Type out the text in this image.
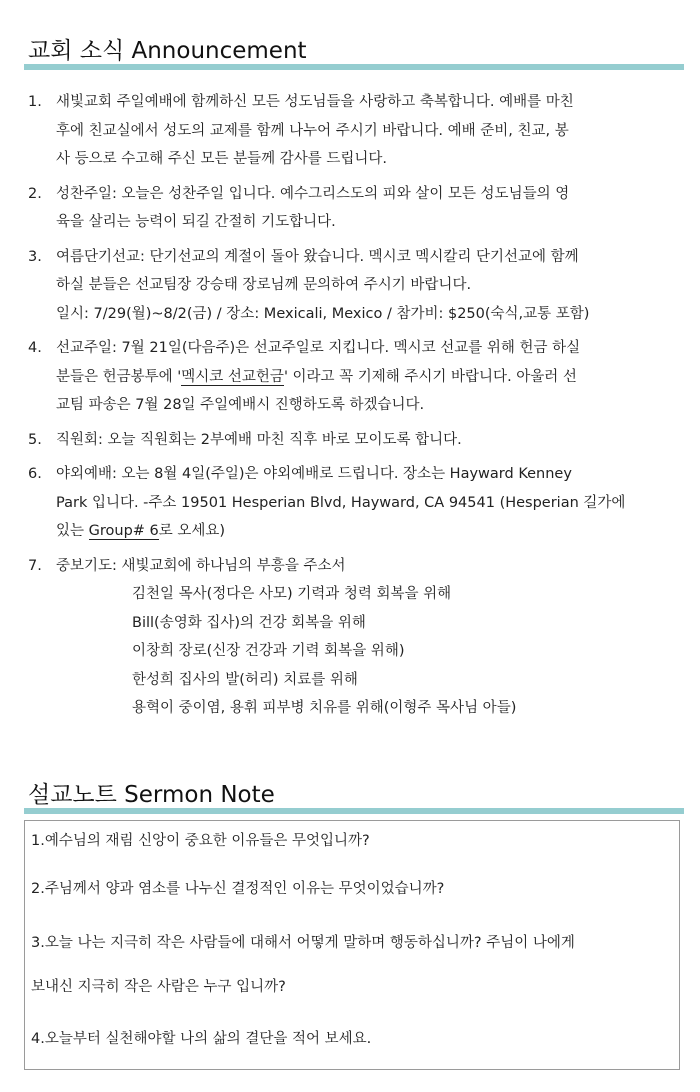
교회 소식 Announcement
1. 새빛교회 주일예배에 함께하신 모든 성도님들을 사랑하고 축복합니다. 예배를 마친
후에 친교실에서 성도의 교제를 함께 나누어 주시기 바랍니다. 예배 준비, 친교, 봉
사 등으로 수고해 주신 모든 분들께 감사를 드립니다.
2. 성찬주일: 오늘은 성찬주일 입니다. 예수그리스도의 피와 살이 모든 성도님들의 영
육을 살리는 능력이 되길 간절히 기도합니다.
3. 여름단기선교: 단기선교의 계절이 돌아 왔습니다. 멕시코 멕시칼리 단기선교에 함께
하실 분들은 선교팀장 강승태 장로님께 문의하여 주시기 바랍니다.
일시: 7/29(월)~8/2(금) / 장소: Mexicali, Mexico / 참가비: $250(숙식,교통 포함)
4. 선교주일: 7월 21일(다음주)은 선교주일로 지킵니다. 멕시코 선교를 위해 헌금 하실
분들은 헌금봉투에 '멕시코 선교헌금' 이라고 꼭 기제해 주시기 바랍니다. 아울러 선
교팀 파송은 7월 28일 주일예배시 진행하도록 하겠습니다.
5. 직원회: 오늘 직원회는 2부예배 마친 직후 바로 모이도록 합니다.
6. 야외예배: 오는 8월 4일(주일)은 야외예배로 드립니다. 장소는 Hayward Kenney
Park 입니다. -주소 19501 Hesperian Blvd, Hayward, CA 94541 (Hesperian 길가에
있는 Group# 6로 오세요)
7. 중보기도: 새빛교회에 하나님의 부흥을 주소서
김천일 목사(정다은 사모) 기력과 청력 회복을 위해
Bill(송영화 집사)의 건강 회복을 위해
이창희 장로(신장 건강과 기력 회복을 위해)
한성희 집사의 발(허리) 치료를 위해
용혁이 중이염, 용휘 피부병 치유를 위해(이형주 목사님 아들)
설교노트 Sermon Note
1.예수님의 재림 신앙이 중요한 이유들은 무엇입니까?
2.주님께서 양과 염소를 나누신 결정적인 이유는 무엇이었습니까?
3.오늘 나는 지극히 작은 사람들에 대해서 어떻게 말하며 행동하십니까? 주님이 나에게
보내신 지극히 작은 사람은 누구 입니까?
4.오늘부터 실천해야할 나의 삶의 결단을 적어 보세요.
